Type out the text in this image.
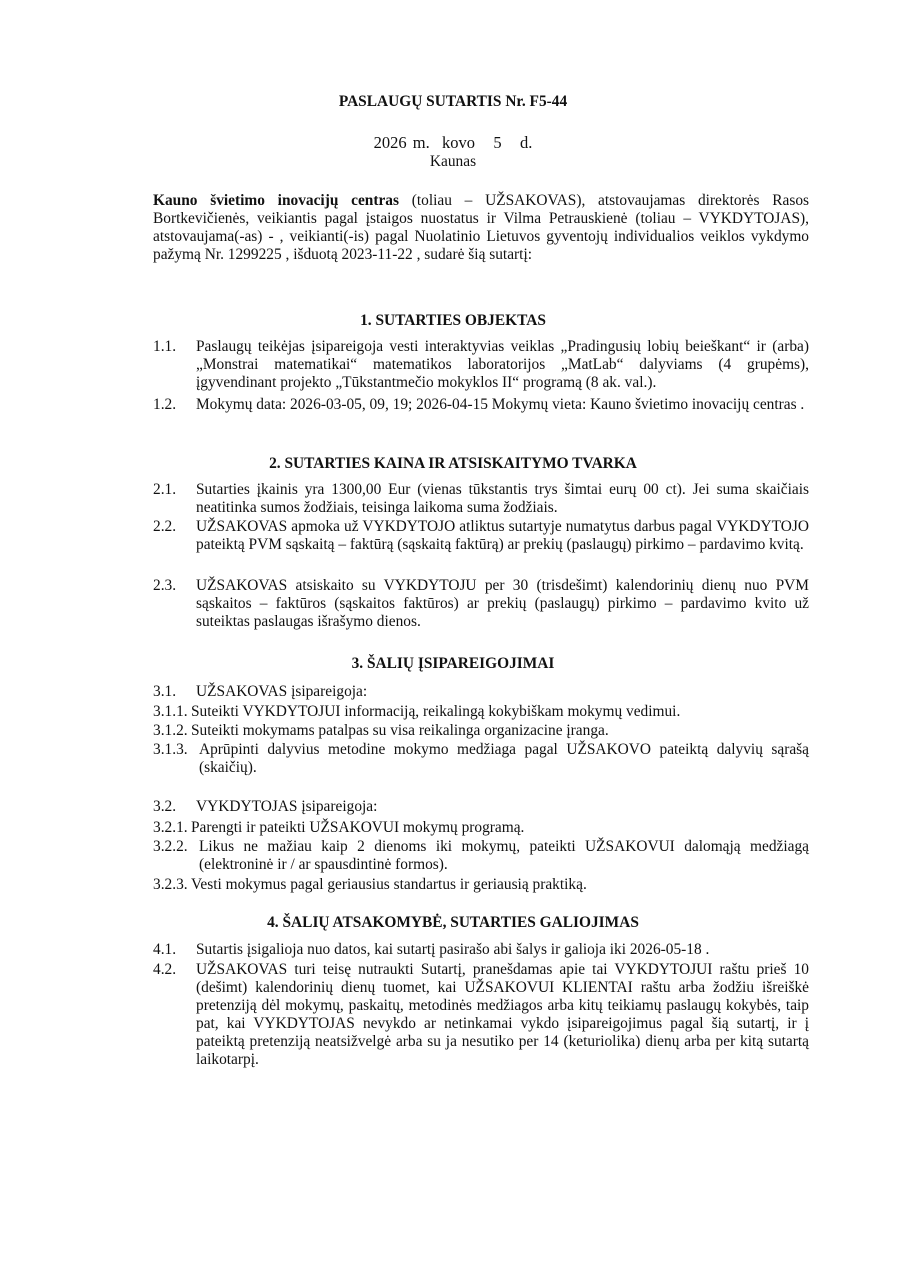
PASLAUGŲ SUTARTIS Nr. F5-44
2026 m.  kovo   5   d.
Kaunas
Kauno švietimo inovacijų centras (toliau – UŽSAKOVAS), atstovaujamas direktorės Rasos Bortkevičienės, veikiantis pagal įstaigos nuostatus ir Vilma Petrauskienė (toliau – VYKDYTOJAS), atstovaujama(-as) - , veikianti(-is) pagal Nuolatinio Lietuvos gyventojų individualios veiklos vykdymo pažymą Nr. 1299225 , išduotą 2023-11-22 , sudarė šią sutartį:
1. SUTARTIES OBJEKTAS
1.1. Paslaugų teikėjas įsipareigoja vesti interaktyvias veiklas „Pradingusių lobių beieškant“ ir (arba) „Monstrai matematikai“ matematikos laboratorijos „MatLab“ dalyviams (4 grupėms), įgyvendinant projekto „Tūkstantmečio mokyklos II“ programą (8 ak. val.).
1.2. Mokymų data: 2026-03-05, 09, 19; 2026-04-15 Mokymų vieta: Kauno švietimo inovacijų centras .
2. SUTARTIES KAINA IR ATSISKAITYMO TVARKA
2.1. Sutarties įkainis yra 1300,00 Eur (vienas tūkstantis trys šimtai eurų 00 ct). Jei suma skaičiais neatitinka sumos žodžiais, teisinga laikoma suma žodžiais.
2.2. UŽSAKOVAS apmoka už VYKDYTOJO atliktus sutartyje numatytus darbus pagal VYKDYTOJO pateiktą PVM sąskaitą – faktūrą (sąskaitą faktūrą) ar prekių (paslaugų) pirkimo – pardavimo kvitą.
2.3. UŽSAKOVAS atsiskaito su VYKDYTOJU per 30 (trisdešimt) kalendorinių dienų nuo PVM sąskaitos – faktūros (sąskaitos faktūros) ar prekių (paslaugų) pirkimo – pardavimo kvito už suteiktas paslaugas išrašymo dienos.
3. ŠALIŲ ĮSIPAREIGOJIMAI
3.1. UŽSAKOVAS įsipareigoja:
3.1.1. Suteikti VYKDYTOJUI informaciją, reikalingą kokybiškam mokymų vedimui.
3.1.2. Suteikti mokymams patalpas su visa reikalinga organizacine įranga.
3.1.3. Aprūpinti dalyvius metodine mokymo medžiaga pagal UŽSAKOVO pateiktą dalyvių sąrašą (skaičių).
3.2. VYKDYTOJAS įsipareigoja:
3.2.1. Parengti ir pateikti UŽSAKOVUI mokymų programą.
3.2.2. Likus ne mažiau kaip 2 dienoms iki mokymų, pateikti UŽSAKOVUI dalomąją medžiagą (elektroninė ir / ar spausdintinė formos).
3.2.3. Vesti mokymus pagal geriausius standartus ir geriausią praktiką.
4. ŠALIŲ ATSAKOMYBĖ, SUTARTIES GALIOJIMAS
4.1. Sutartis įsigalioja nuo datos, kai sutartį pasirašo abi šalys ir galioja iki 2026-05-18 .
4.2. UŽSAKOVAS turi teisę nutraukti Sutartį, pranešdamas apie tai VYKDYTOJUI raštu prieš 10 (dešimt) kalendorinių dienų tuomet, kai UŽSAKOVUI KLIENTAI raštu arba žodžiu išreiškė pretenziją dėl mokymų, paskaitų, metodinės medžiagos arba kitų teikiamų paslaugų kokybės, taip pat, kai VYKDYTOJAS nevykdo ar netinkamai vykdo įsipareigojimus pagal šią sutartį, ir į pateiktą pretenziją neatsižvelgė arba su ja nesutiko per 14 (keturiolika) dienų arba per kitą sutartą laikotarpį.
